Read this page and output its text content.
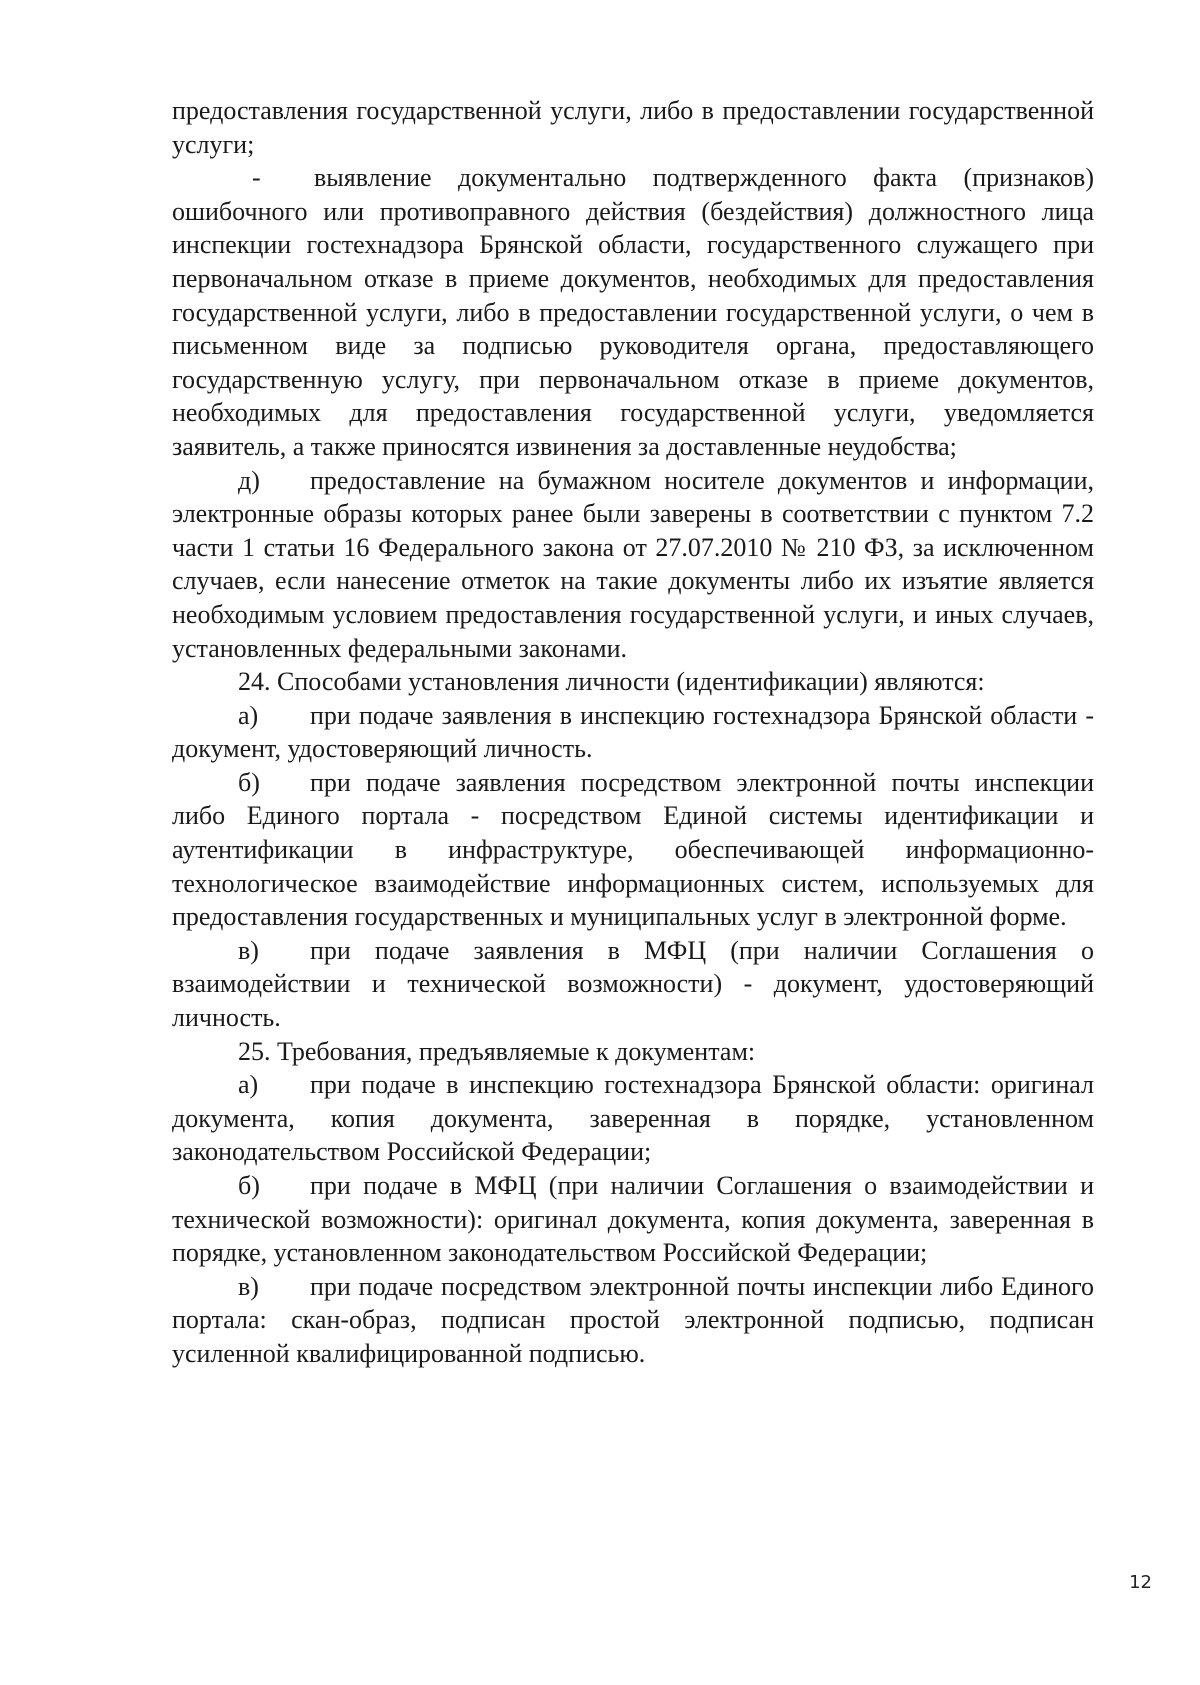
предоставления государственной услуги, либо в предоставлении государственной услуги;

- выявление документально подтвержденного факта (признаков) ошибочного или противоправного действия (бездействия) должностного лица инспекции гостехнадзора Брянской области, государственного служащего при первоначальном отказе в приеме документов, необходимых для предоставления государственной услуги, либо в предоставлении государственной услуги, о чем в письменном виде за подписью руководителя органа, предоставляющего государственную услугу, при первоначальном отказе в приеме документов, необходимых для предоставления государственной услуги, уведомляется заявитель, а также приносятся извинения за доставленные неудобства;

д) предоставление на бумажном носителе документов и информации, электронные образы которых ранее были заверены в соответствии с пунктом 7.2 части 1 статьи 16 Федерального закона от 27.07.2010 № 210 ФЗ, за исключенном случаев, если нанесение отметок на такие документы либо их изъятие является необходимым условием предоставления государственной услуги, и иных случаев, установленных федеральными законами.

24. Способами установления личности (идентификации) являются:

а) при подаче заявления в инспекцию гостехнадзора Брянской области - документ, удостоверяющий личность.

б) при подаче заявления посредством электронной почты инспекции либо Единого портала - посредством Единой системы идентификации и аутентификации в инфраструктуре, обеспечивающей информационно-технологическое взаимодействие информационных систем, используемых для предоставления государственных и муниципальных услуг в электронной форме.

в) при подаче заявления в МФЦ (при наличии Соглашения о взаимодействии и технической возможности) - документ, удостоверяющий личность.

25. Требования, предъявляемые к документам:

а) при подаче в инспекцию гостехнадзора Брянской области: оригинал документа, копия документа, заверенная в порядке, установленном законодательством Российской Федерации;

б) при подаче в МФЦ (при наличии Соглашения о взаимодействии и технической возможности): оригинал документа, копия документа, заверенная в порядке, установленном законодательством Российской Федерации;

в) при подаче посредством электронной почты инспекции либо Единого портала: скан-образ, подписан простой электронной подписью, подписан усиленной квалифицированной подписью.

12
